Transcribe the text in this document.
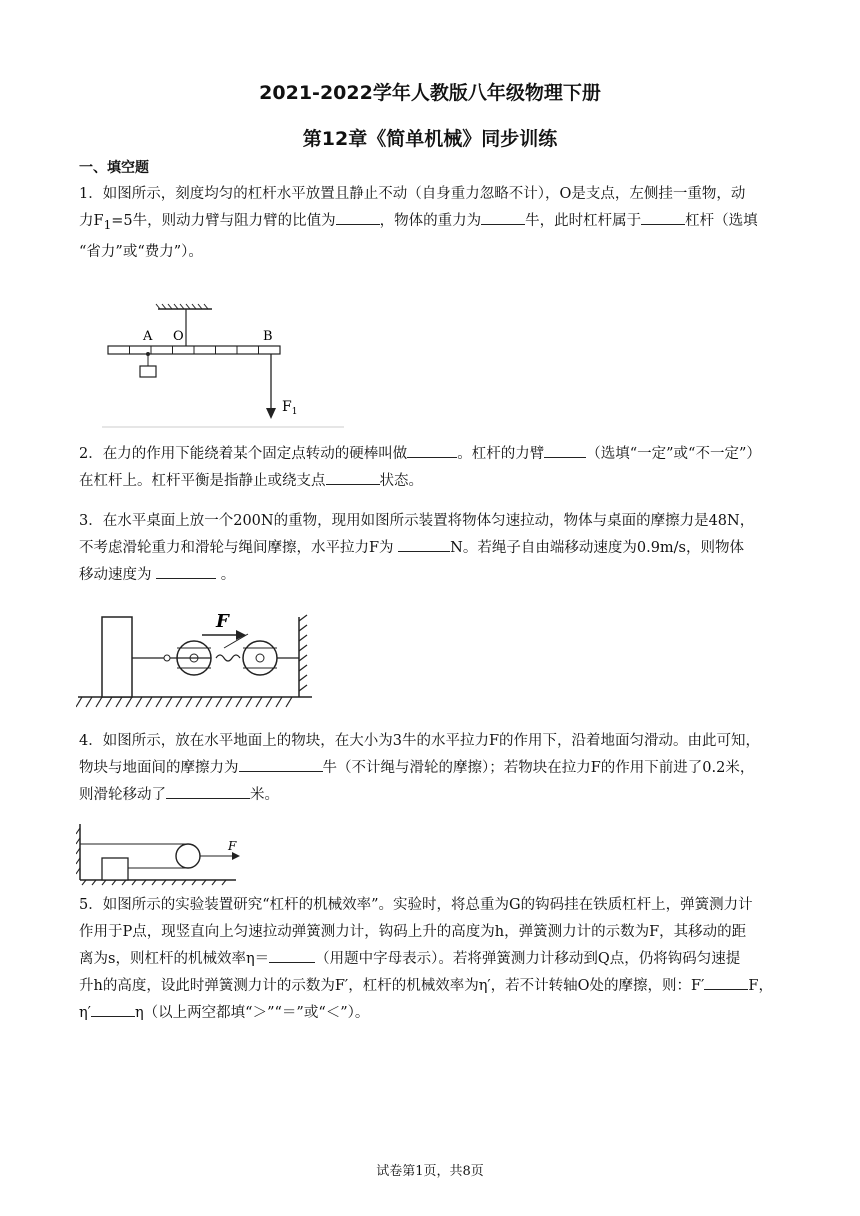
2021-2022学年人教版八年级物理下册
第12章《简单机械》同步训练
一、填空题
1．如图所示，刻度均匀的杠杆水平放置且静止不动（自身重力忽略不计），O是支点，左侧挂一重物，动
力$F_1=5$牛，则动力臂与阻力臂的比值为	，物体的重力为	牛，此时杠杆属于	杠杆（选填
“省力”或“费力”）。
A O	B
$F_1$
2．在力的作用下能绕着某个固定点转动的硬棒叫做	。杠杆的力臂	（选填“一定”或“不一定”）
在杠杆上。杠杆平衡是指静止或绕支点	状态。
3．在水平桌面上放一个200N的重物，现用如图所示装置将物体匀速拉动，物体与桌面的摩擦力是48N，
不考虑滑轮重力和滑轮与绳间摩擦，水平拉力F为	N。若绳子自由端移动速度为0.9m/s，则物体
移动速度为	。
F
4．如图所示，放在水平地面上的物块，在大小为3牛的水平拉力F的作用下，沿着地面匀滑动。由此可知，
物块与地面间的摩擦力为	牛（不计绳与滑轮的摩擦）；若物块在拉力F的作用下前进了0.2米，
则滑轮移动了	米。
F
5．如图所示的实验装置研究“杠杆的机械效率”。实验时，将总重为G的钩码挂在铁质杠杆上，弹簧测力计
作用于P点，现竖直向上匀速拉动弹簧测力计，钩码上升的高度为h，弹簧测力计的示数为F，其移动的距
离为s，则杠杆的机械效率η＝	（用题中字母表示）。若将弹簧测力计移动到Q点，仍将钩码匀速提
升h的高度，设此时弹簧测力计的示数为F′，杠杆的机械效率为η′，若不计转轴O处的摩擦，则：F′	F，
η′	η（以上两空都填“＞”“＝”或“＜”）。
试卷第1页，共8页
